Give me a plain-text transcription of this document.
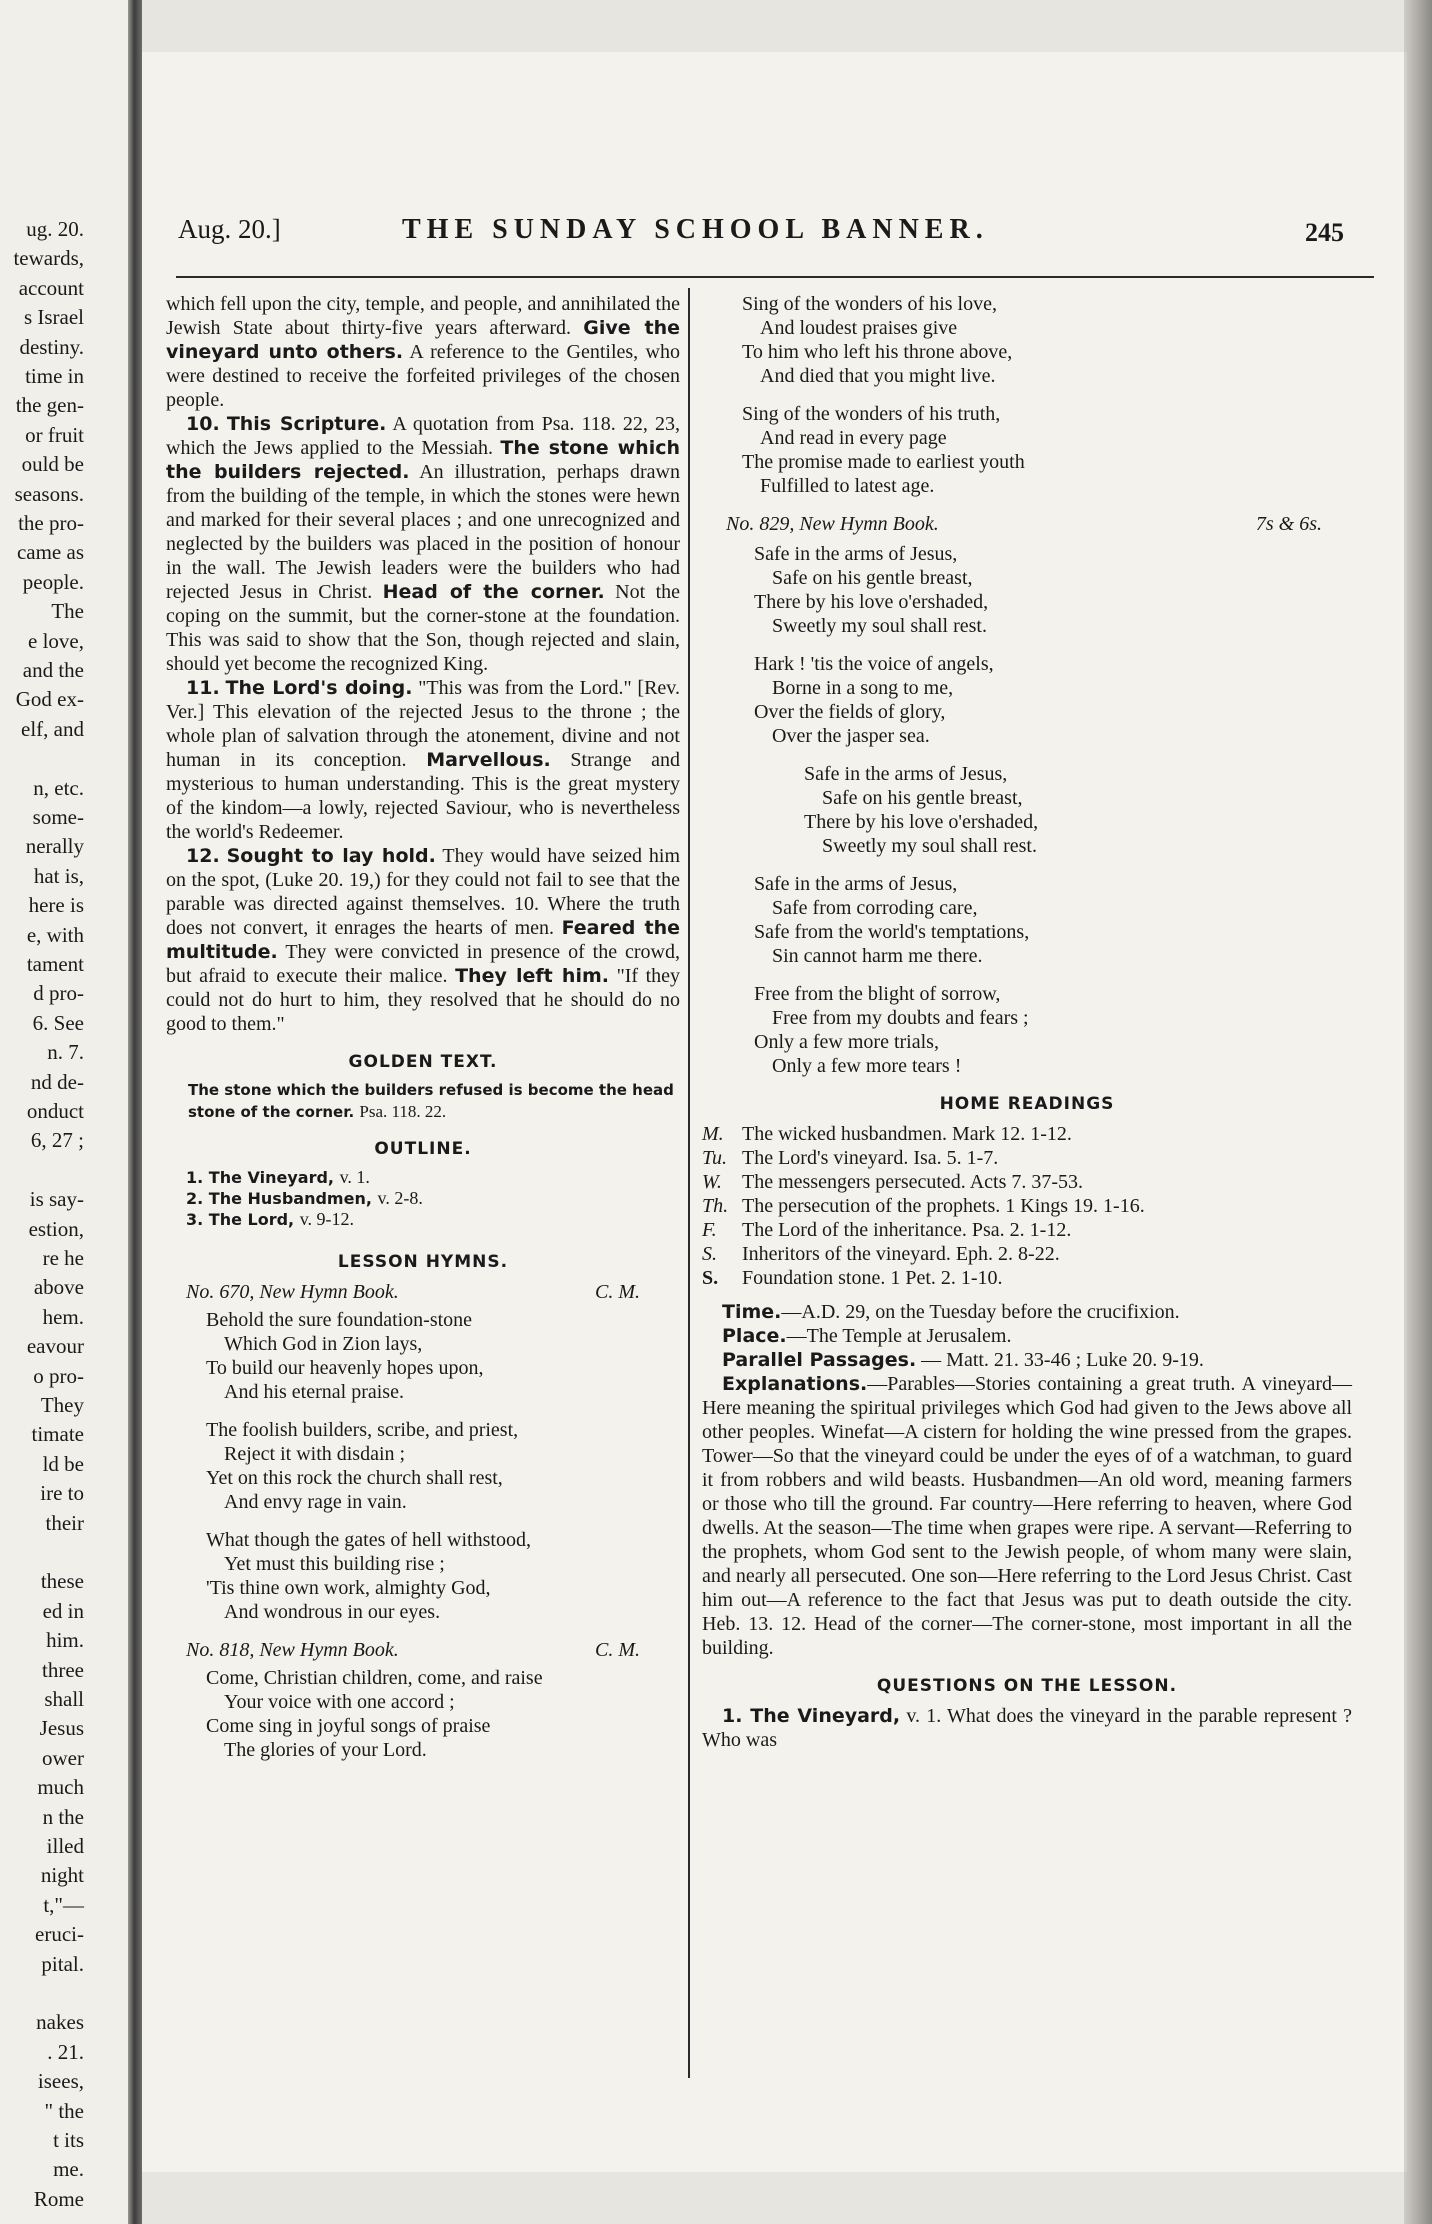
ug. 20.
tewards,
account
s Israel
destiny.
time in
the gen-
or fruit
ould be
seasons.
the pro-
came as
people.
The
e love,
and the
God ex-
elf, and
n, etc.
some-
nerally
hat is,
here is
e, with
tament
d pro-
6. See
n. 7.
nd de-
onduct
6, 27 ;
is say-
estion,
re he
above
hem.
eavour
o pro-
They
timate
ld be
ire to
their
these
ed in
him.
three
shall
Jesus
ower
much
n the
illed
night
t,"—
eruci-
pital.
nakes
. 21.
isees,
" the
t its
me.
Rome
Aug. 20.]	THE SUNDAY SCHOOL BANNER.	245

which fell upon the city, temple, and people, and annihilated the Jewish State about thirty-five years afterward. Give the vineyard unto others. A reference to the Gentiles, who were destined to receive the forfeited privileges of the chosen people.

10. This Scripture. A quotation from Psa. 118. 22, 23, which the Jews applied to the Messiah. The stone which the builders rejected. An illustration, perhaps drawn from the building of the temple, in which the stones were hewn and marked for their several places ; and one unrecognized and neglected by the builders was placed in the position of honour in the wall. The Jewish leaders were the builders who had rejected Jesus in Christ. Head of the corner. Not the coping on the summit, but the corner-stone at the foundation. This was said to show that the Son, though rejected and slain, should yet become the recognized King.

11. The Lord's doing. "This was from the Lord." [Rev. Ver.] This elevation of the rejected Jesus to the throne ; the whole plan of salvation through the atonement, divine and not human in its conception. Marvellous. Strange and mysterious to human understanding. This is the great mystery of the kindom—a lowly, rejected Saviour, who is nevertheless the world's Redeemer.

12. Sought to lay hold. They would have seized him on the spot, (Luke 20. 19,) for they could not fail to see that the parable was directed against themselves. 10. Where the truth does not convert, it enrages the hearts of men. Feared the multitude. They were convicted in presence of the crowd, but afraid to execute their malice. They left him. "If they could not do hurt to him, they resolved that he should do no good to them."

GOLDEN TEXT.
The stone which the builders refused is become the head stone of the corner. Psa. 118. 22.
OUTLINE.
1. The Vineyard, v. 1.
2. The Husbandmen, v. 2-8.
3. The Lord, v. 9-12.
LESSON HYMNS.
No. 670, New Hymn Book.	C. M.
Behold the sure foundation-stone
Which God in Zion lays,
To build our heavenly hopes upon,
And his eternal praise.
The foolish builders, scribe, and priest,
Reject it with disdain ;
Yet on this rock the church shall rest,
And envy rage in vain.
What though the gates of hell withstood,
Yet must this building rise ;
'Tis thine own work, almighty God,
And wondrous in our eyes.
No. 818, New Hymn Book.	C. M.
Come, Christian children, come, and raise
Your voice with one accord ;
Come sing in joyful songs of praise
The glories of your Lord.
Sing of the wonders of his love,
And loudest praises give
To him who left his throne above,
And died that you might live.
Sing of the wonders of his truth,
And read in every page
The promise made to earliest youth
Fulfilled to latest age.
No. 829, New Hymn Book.	7s & 6s.
Safe in the arms of Jesus,
Safe on his gentle breast,
There by his love o'ershaded,
Sweetly my soul shall rest.
Hark ! 'tis the voice of angels,
Borne in a song to me,
Over the fields of glory,
Over the jasper sea.
Safe in the arms of Jesus,
Safe on his gentle breast,
There by his love o'ershaded,
Sweetly my soul shall rest.
Safe in the arms of Jesus,
Safe from corroding care,
Safe from the world's temptations,
Sin cannot harm me there.
Free from the blight of sorrow,
Free from my doubts and fears ;
Only a few more trials,
Only a few more tears !
HOME READINGS
M. The wicked husbandmen. Mark 12. 1-12.
Tu. The Lord's vineyard. Isa. 5. 1-7.
W.	The messengers persecuted. Acts 7. 37-53.
Th. The persecution of the prophets. 1 Kings 19. 1-16.
F.	The Lord of the inheritance. Psa. 2. 1-12.
S.	Inheritors of the vineyard. Eph. 2. 8-22.
S.	Foundation stone. 1 Pet. 2. 1-10.

Time.—A.D. 29, on the Tuesday before the crucifixion.

Place.—The Temple at Jerusalem.

Parallel Passages. — Matt. 21. 33-46 ; Luke 20. 9-19.

Explanations.—Parables—Stories containing a great truth. A vineyard—Here meaning the spiritual privileges which God had given to the Jews above all other peoples. Winefat—A cistern for holding the wine pressed from the grapes. Tower—So that the vineyard could be under the eyes of of a watchman, to guard it from robbers and wild beasts. Husbandmen—An old word, meaning farmers or those who till the ground. Far country—Here referring to heaven, where God dwells. At the season—The time when grapes were ripe. A servant—Referring to the prophets, whom God sent to the Jewish people, of whom many were slain, and nearly all persecuted. One son—Here referring to the Lord Jesus Christ. Cast him out—A reference to the fact that Jesus was put to death outside the city. Heb. 13. 12. Head of the corner—The corner-stone, most important in all the building.

QUESTIONS ON THE LESSON.

1. The Vineyard, v. 1. What does the vineyard in the parable represent ? Who was
